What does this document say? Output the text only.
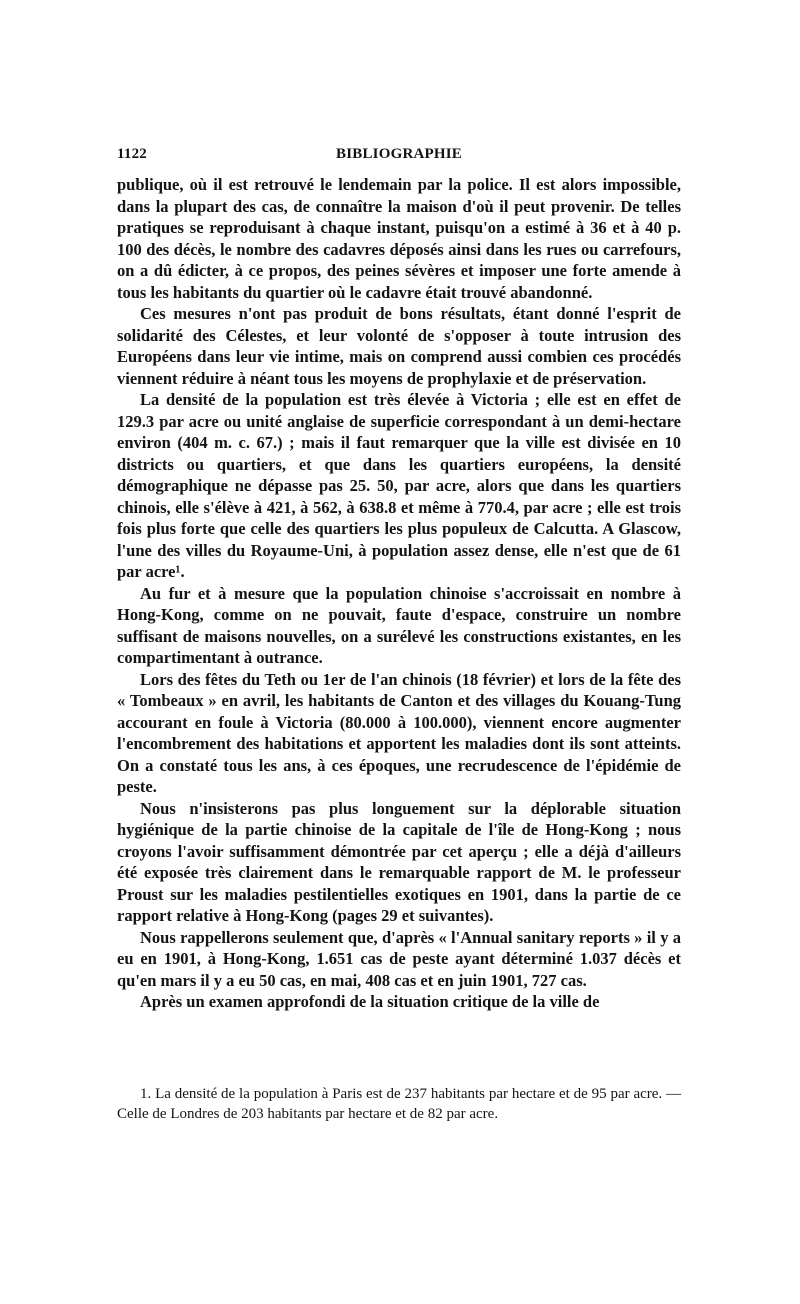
1122	BIBLIOGRAPHIE

publique, où il est retrouvé le lendemain par la police. Il est alors impossible, dans la plupart des cas, de connaître la maison d'où il peut provenir. De telles pratiques se reproduisant à chaque instant, puisqu'on a estimé à 36 et à 40 p. 100 des décès, le nombre des cadavres déposés ainsi dans les rues ou carrefours, on a dû édicter, à ce propos, des peines sévères et imposer une forte amende à tous les habitants du quartier où le cadavre était trouvé abandonné.

Ces mesures n'ont pas produit de bons résultats, étant donné l'esprit de solidarité des Célestes, et leur volonté de s'opposer à toute intrusion des Européens dans leur vie intime, mais on comprend aussi combien ces procédés viennent réduire à néant tous les moyens de prophylaxie et de préservation.

La densité de la population est très élevée à Victoria ; elle est en effet de 129.3 par acre ou unité anglaise de superficie correspondant à un demi-hectare environ (404 m. c. 67.) ; mais il faut remarquer que la ville est divisée en 10 districts ou quartiers, et que dans les quartiers européens, la densité démographique ne dépasse pas 25. 50, par acre, alors que dans les quartiers chinois, elle s'élève à 421, à 562, à 638.8 et même à 770.4, par acre ; elle est trois fois plus forte que celle des quartiers les plus populeux de Calcutta. A Glascow, l'une des villes du Royaume-Uni, à population assez dense, elle n'est que de 61 par acre¹.

Au fur et à mesure que la population chinoise s'accroissait en nombre à Hong-Kong, comme on ne pouvait, faute d'espace, construire un nombre suffisant de maisons nouvelles, on a surélevé les constructions existantes, en les compartimentant à outrance.

Lors des fêtes du Teth ou 1er de l'an chinois (18 février) et lors de la fête des « Tombeaux » en avril, les habitants de Canton et des villages du Kouang-Tung accourant en foule à Victoria (80.000 à 100.000), viennent encore augmenter l'encombrement des habitations et apportent les maladies dont ils sont atteints. On a constaté tous les ans, à ces époques, une recrudescence de l'épidémie de peste.

Nous n'insisterons pas plus longuement sur la déplorable situation hygiénique de la partie chinoise de la capitale de l'île de Hong-Kong ; nous croyons l'avoir suffisamment démontrée par cet aperçu ; elle a déjà d'ailleurs été exposée très clairement dans le remarquable rapport de M. le professeur Proust sur les maladies pestilentielles exotiques en 1901, dans la partie de ce rapport relative à Hong-Kong (pages 29 et suivantes).

Nous rappellerons seulement que, d'après « l'Annual sanitary reports » il y a eu en 1901, à Hong-Kong, 1.651 cas de peste ayant déterminé 1.037 décès et qu'en mars il y a eu 50 cas, en mai, 408 cas et en juin 1901, 727 cas.

Après un examen approfondi de la situation critique de la ville de

1. La densité de la population à Paris est de 237 habitants par hectare et de 95 par acre. — Celle de Londres de 203 habitants par hectare et de 82 par acre.
